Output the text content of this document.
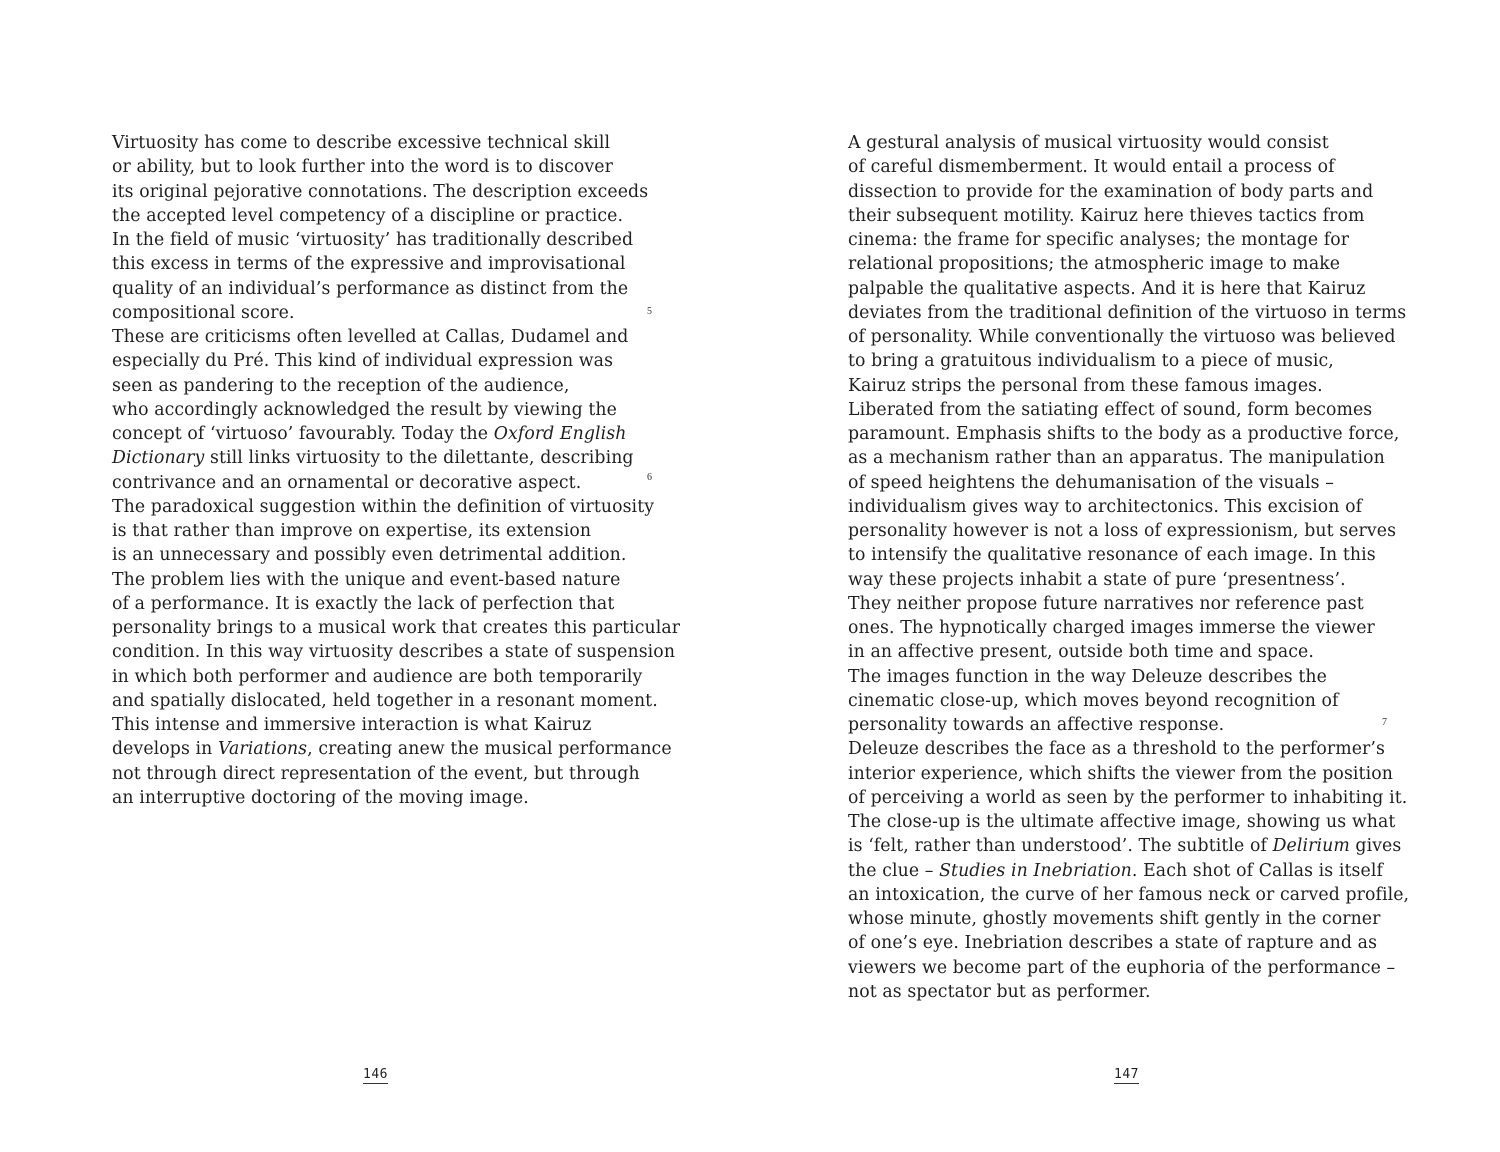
Virtuosity has come to describe excessive technical skill
or ability, but to look further into the word is to discover
its original pejorative connotations. The description exceeds
the accepted level competency of a discipline or practice.
In the field of music ‘virtuosity’ has traditionally described
this excess in terms of the expressive and improvisational
quality of an individual’s performance as distinct from the
compositional score.
These are criticisms often levelled at Callas, Dudamel and
especially du Pré. This kind of individual expression was
seen as pandering to the reception of the audience,
who accordingly acknowledged the result by viewing the
concept of ‘virtuoso’ favourably. Today the Oxford English
Dictionary still links virtuosity to the dilettante, describing
contrivance and an ornamental or decorative aspect.
The paradoxical suggestion within the definition of virtuosity
is that rather than improve on expertise, its extension
is an unnecessary and possibly even detrimental addition.
The problem lies with the unique and event-based nature
of a performance. It is exactly the lack of perfection that
personality brings to a musical work that creates this particular
condition. In this way virtuosity describes a state of suspension
in which both performer and audience are both temporarily
and spatially dislocated, held together in a resonant moment.
This intense and immersive interaction is what Kairuz
develops in Variations, creating anew the musical performance
not through direct representation of the event, but through
an interruptive doctoring of the moving image.
5
6
146
A gestural analysis of musical virtuosity would consist
of careful dismemberment. It would entail a process of
dissection to provide for the examination of body parts and
their subsequent motility. Kairuz here thieves tactics from
cinema: the frame for specific analyses; the montage for
relational propositions; the atmospheric image to make
palpable the qualitative aspects. And it is here that Kairuz
deviates from the traditional definition of the virtuoso in terms
of personality. While conventionally the virtuoso was believed
to bring a gratuitous individualism to a piece of music,
Kairuz strips the personal from these famous images.
Liberated from the satiating effect of sound, form becomes
paramount. Emphasis shifts to the body as a productive force,
as a mechanism rather than an apparatus. The manipulation
of speed heightens the dehumanisation of the visuals –
individualism gives way to architectonics. This excision of
personality however is not a loss of expressionism, but serves
to intensify the qualitative resonance of each image. In this
way these projects inhabit a state of pure ‘presentness’.
They neither propose future narratives nor reference past
ones. The hypnotically charged images immerse the viewer
in an affective present, outside both time and space.
The images function in the way Deleuze describes the
cinematic close-up, which moves beyond recognition of
personality towards an affective response.
Deleuze describes the face as a threshold to the performer’s
interior experience, which shifts the viewer from the position
of perceiving a world as seen by the performer to inhabiting it.
The close-up is the ultimate affective image, showing us what
is ‘felt, rather than understood’. The subtitle of Delirium gives
the clue – Studies in Inebriation. Each shot of Callas is itself
an intoxication, the curve of her famous neck or carved profile,
whose minute, ghostly movements shift gently in the corner
of one’s eye. Inebriation describes a state of rapture and as
viewers we become part of the euphoria of the performance –
not as spectator but as performer.
7
147
